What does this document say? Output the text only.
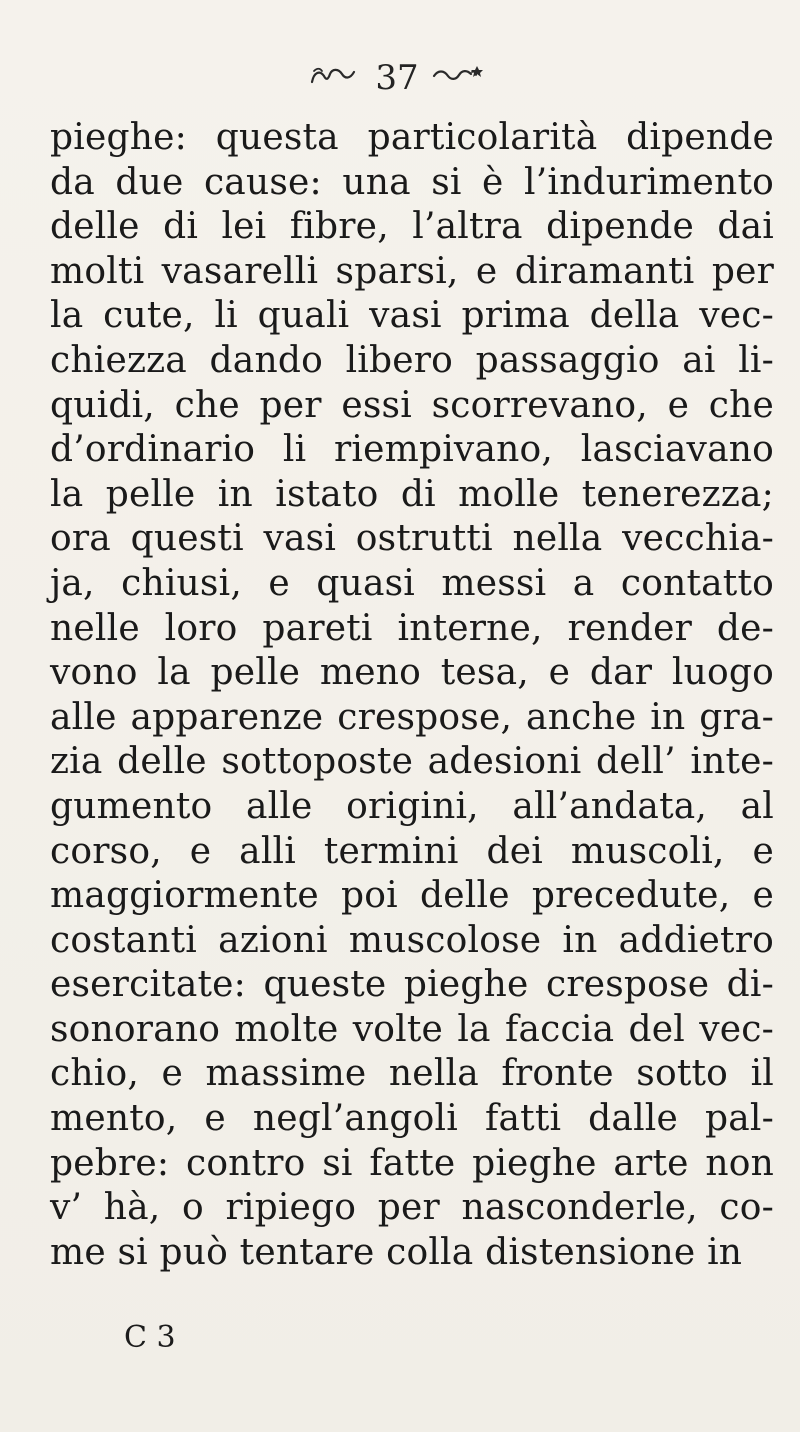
37
pieghe: questa particolarità dipende
da due cause: una si è l’indurimento
delle di lei fibre, l’altra dipende dai
molti vasarelli sparsi, e diramanti per
la cute, li quali vasi prima della vec-
chiezza dando libero passaggio ai li-
quidi, che per essi scorrevano, e che
d’ordinario li riempivano, lasciavano
la pelle in istato di molle tenerezza;
ora questi vasi ostrutti nella vecchia-
ja, chiusi, e quasi messi a contatto
nelle loro pareti interne, render de-
vono la pelle meno tesa, e dar luogo
alle apparenze crespose, anche in gra-
zia delle sottoposte adesioni dell’ inte-
gumento alle origini, all’andata, al
corso, e alli termini dei muscoli, e
maggiormente poi delle precedute, e
costanti azioni muscolose in addietro
esercitate: queste pieghe crespose di-
sonorano molte volte la faccia del vec-
chio, e massime nella fronte sotto il
mento, e negl’angoli fatti dalle pal-
pebre: contro si fatte pieghe arte non
v’ hà, o ripiego per nasconderle, co-
me si può tentare colla distensione in
C 3
